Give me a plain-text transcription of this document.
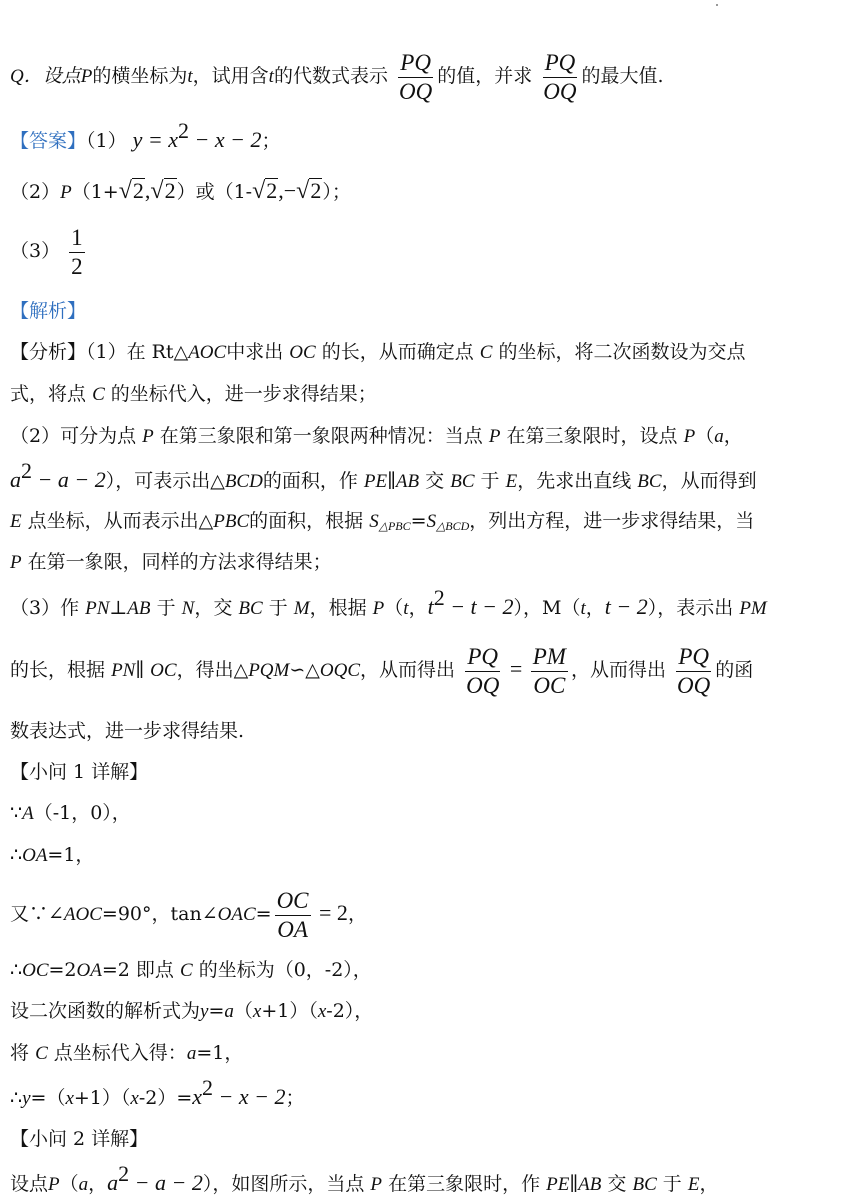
Q．设点P的横坐标为t，试用含t的代数式表示 $\frac{PQ}{OQ}$ 的值，并求 $\frac{PQ}{OQ}$ 的最大值.
【答案】（1） $y = x^2 - x - 2$；
（2）P（1+ √ 2 , √ 2 ）或（1- √ 2 ,− √ 2 ）；
$(3) \frac{1}{2}$
【解析】
【分析】（1）在 Rt△AOC中求出 OC 的长，从而确定点 C 的坐标，将二次函数设为交点
式，将点 C 的坐标代入，进一步求得结果；
（2）可分为点 P 在第三象限和第一象限两种情况：当点 P 在第三象限时，设点 P（a，
$a^2 - a - 2$），可表示出△BCD的面积，作 PE∥AB 交 BC 于 E，先求出直线 BC，从而得到
E 点坐标，从而表示出△PBC的面积，根据 $S_{\triangle PBC}=S_{\triangle BCD}$，列出方程，进一步求得结果，当
P 在第一象限，同样的方法求得结果；
（3）作 PN⊥AB 于 N，交 BC 于 M，根据 P（t，$t^2 - t - 2$），M（t，t − 2），表示出 PM
的长，根据 PN∥ OC，得出△PQM∽△OQC，从而得出 $\frac{PQ}{OQ} = \frac{PM}{OC}$ ，从而得出 $\frac{PQ}{OQ}$ 的函
数表达式，进一步求得结果.
【小问 1 详解】
∵A（-1，0），
∴OA=1，
又∵∠AOC=90°，tan∠OAC= $\frac{OC}{OA} = 2$，
∴OC=2OA=2 即点 C 的坐标为（0，-2），
设二次函数的解析式为y=a（x+1）（x-2），
将 C 点坐标代入得：a=1，
$\therefore y=(x+1)(x-2)=x^2 - x - 2$；
【小问 2 详解】
设点P（a，$a^2 - a - 2$），如图所示，当点 P 在第三象限时，作 PE∥AB 交 BC 于 E，
